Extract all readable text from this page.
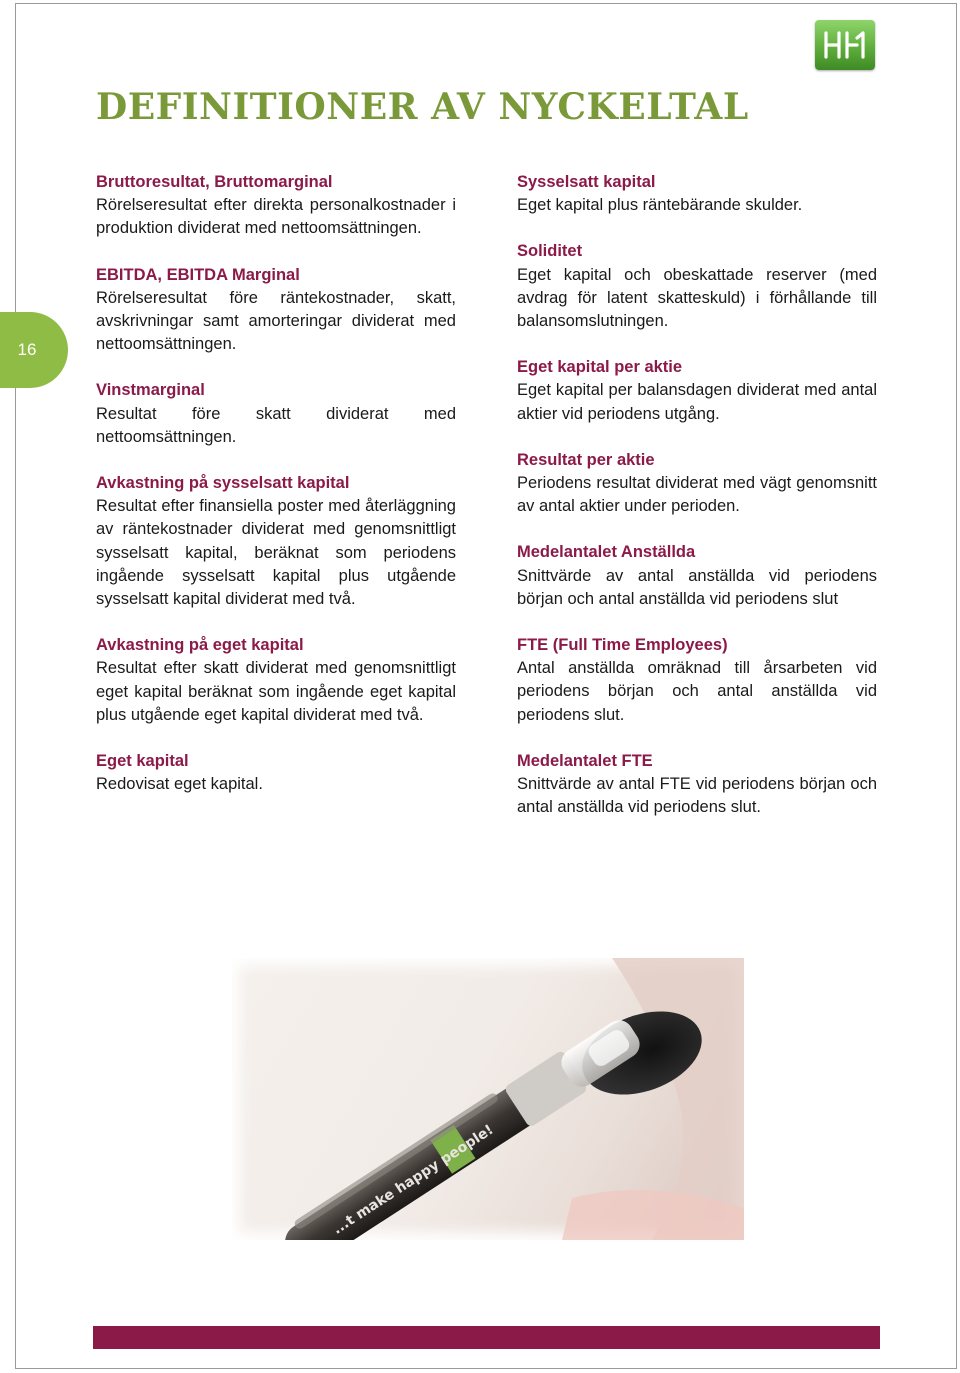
DEFINITIONER AV NYCKELTAL
16

Bruttoresultat, Bruttomarginal

Rörelseresultat efter direkta personalkostnader i produktion dividerat med nettoomsättningen.

EBITDA, EBITDA Marginal

Rörelseresultat före räntekostnader, skatt, avskrivningar samt amorteringar dividerat med nettoomsättningen.

Vinstmarginal

Resultat före skatt dividerat med nettoomsättningen.

Avkastning på sysselsatt kapital

Resultat efter finansiella poster med återläggning av räntekostnader dividerat med genomsnittligt sysselsatt kapital, beräknat som periodens ingående sysselsatt kapital plus utgående sysselsatt kapital dividerat med två.

Avkastning på eget kapital

Resultat efter skatt dividerat med genomsnittligt eget kapital beräknat som ingående eget kapital plus utgående eget kapital dividerat med två.

Eget kapital

Redovisat eget kapital.

Sysselsatt kapital

Eget kapital plus räntebärande skulder.

Soliditet

Eget kapital och obeskattade reserver (med avdrag för latent skatteskuld) i förhållande till balansomslutningen.

Eget kapital per aktie

Eget kapital per balansdagen dividerat med antal aktier vid periodens utgång.

Resultat per aktie

Periodens resultat dividerat med vägt genomsnitt av antal aktier under perioden.

Medelantalet Anställda

Snittvärde av antal anställda vid periodens början och antal anställda vid periodens slut

FTE (Full Time Employees)

Antal anställda omräknad till årsarbeten vid periodens början och antal anställda vid periodens slut.

Medelantalet FTE

Snittvärde av antal FTE vid periodens början och antal anställda vid periodens slut.

...t make happy people!
